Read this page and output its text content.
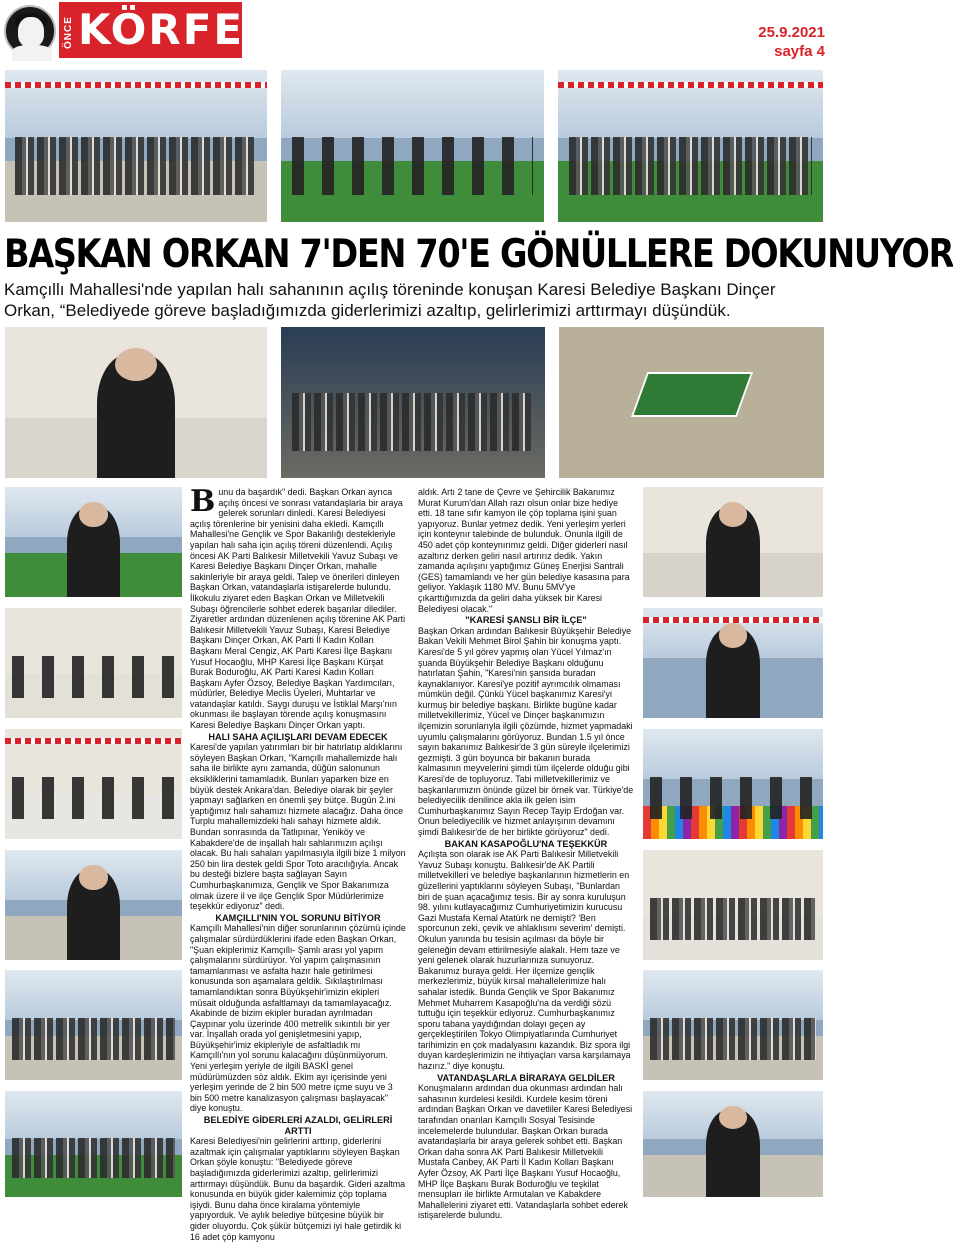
ÖNCE KÖRFEZ	25.9.2021
sayfa 4
BAŞKAN ORKAN 7'DEN 70'E GÖNÜLLERE DOKUNUYOR
Kamçıllı Mahallesi'nde yapılan halı sahanının açılış töreninde konuşan Karesi Belediye Başkanı Dinçer Orkan, “Belediyede göreve başladığımızda giderlerimizi azaltıp, gelirlerimizi arttırmayı düşündük.
B unu da başardık" dedi. Başkan Orkan ayrıca açılış öncesi ve sonrası vatandaşlarla bir araya gelerek sorunları dinledi. Karesi Belediyesi açılış törenlerine bir yenisini daha ekledi. Kamçıllı Mahallesi'ne Gençlik ve Spor Bakanlığı destekleriyle yapılan halı saha için açılış töreni düzenlendi. Açılış öncesi AK Parti Balıkesir Milletvekili Yavuz Subaşı ve Karesi Belediye Başkanı Dinçer Orkan, mahalle sakinleriyle bir araya geldi. Talep ve önerileri dinleyen Başkan Orkan, vatandaşlarla istişarelerde bulundu. İlkokulu ziyaret eden Başkan Orkan ve Milletvekili Subaşı öğrencilerle sohbet ederek başarılar dilediler. Ziyaretler ardından düzenlenen açılış törenine AK Parti Balıkesir Milletvekili Yavuz Subaşı, Karesi Belediye Başkanı Dinçer Orkan, AK Parti İl Kadın Kolları Başkanı Meral Cengiz, AK Parti Karesi İlçe Başkanı Yusuf Hocaoğlu, MHP Karesi İlçe Başkanı Kürşat Burak Boduroğlu, AK Parti Karesi Kadın Kolları Başkanı Ayfer Özsoy, Belediye Başkan Yardımcıları, müdürler, Belediye Meclis Üyeleri, Muhtarlar ve vatandaşlar katıldı. Saygı duruşu ve İstiklal Marşı'nın okunması ile başlayan törende açılış konuşmasını Karesi Belediye Başkanı Dinçer Orkan yaptı.

HALI SAHA AÇILIŞLARI DEVAM EDECEK

Karesi'de yapılan yatırımları bir bir hatırlatıp aldıklarını söyleyen Başkan Orkan, "Kamçıllı mahallemizde halı saha ile birlikte aynı zamanda, düğün salonunun eksikliklerini tamamladık. Bunları yaparken bize en büyük destek Ankara'dan. Belediye olarak bir şeyler yapmayı sağlarken en önemli şey bütçe. Bugün 2.ini yaptığımız halı sahamızı hizmete alacağız. Daha önce Turplu mahallemizdeki halı sahayı hizmete aldık. Bundan sonrasında da Tatlıpınar, Yeniköy ve Kabakdere'de de inşallah halı sahlarımızın açılışı olacak. Bu halı sahaları yapılmasıyla ilgili bize 1 milyon 250 bin lira destek geldi Spor Toto aracılığıyla. Ancak bu desteği bizlere başta sağlayan Sayın Cumhurbaşkanımıza, Gençlik ve Spor Bakanımıza olmak üzere il ve ilçe Gençlik Spor Müdürlerimize teşekkür ediyoruz" dedi.

KAMÇILLI'NIN YOL SORUNU BİTİYOR

Kamçıllı Mahallesi'nin diğer sorunlarının çözümü içinde çalışmalar sürdürdüklerini ifade eden Başkan Orkan, "Şuan ekiplerimiz Kamçıllı- Şamlı arası yol yapım çalışmalarını sürdürüyor. Yol yapım çalışmasının tamamlanması ve asfalta hazır hale getirilmesi konusunda son aşamalara geldik. Sıkılaştırılması tamamlandıktan sonra Büyükşehir'imizin ekipleri müsait olduğunda asfaltlamayı da tamamlayacağız. Akabinde de bizim ekipler buradan ayrılmadan Çaypınar yolu üzerinde 400 metrelik sıkıntılı bir yer var. İnşallah orada yol genişletmesini yapıp, Büyükşehir'imiz ekipleriyle de asfaltladık mı Kamçıllı'nın yol sorunu kalacağını düşünmüyorum. Yeni yerleşim yeriyle de ilgili BASKİ genel müdürümüzden söz aldık. Ekim ayı içerisinde yeni yerleşim yerinde de 2 bin 500 metre içme suyu ve 3 bin 500 metre kanalizasyon çalışması başlayacak" diye konuştu.

BELEDİYE GİDERLERİ AZALDI, GELİRLERİ ARTTI

Karesi Belediyesi'nin gelirlerini arttırıp, giderlerini azaltmak için çalışmalar yaptıklarını söyleyen Başkan Orkan şöyle konuştu: "Belediyede göreve başladığımızda giderlerimizi azaltıp, gelirlerimizi arttırmayı düşündük. Bunu da başardık. Gideri azaltma konusunda en büyük gider kalemimiz çöp toplama işiydi. Bunu daha önce kiralama yöntemiyle yapıyorduk. Ve aylık belediye bütçesine büyük bir gider oluyordu. Çok şükür bütçemizi iyi hale getirdik ki 16 adet çöp kamyonu

aldık. Artı 2 tane de Çevre ve Şehircilik Bakanımız Murat Kurum'dan Allah razı olsun onlar bize hediye etti. 18 tane sıfır kamyon ile çöp toplama işini şuan yapıyoruz. Bunlar yetmez dedik. Yeni yerleşim yerleri için konteynır talebinde de bulunduk. Onunla ilgili de 450 adet çöp konteynırımız geldi. Diğer giderleri nasıl azaltırız derken geliri nasıl artırırız dedik. Yakın zamanda açılışını yaptığımız Güneş Enerjisi Santrali (GES) tamamlandı ve her gün belediye kasasına para geliyor. Yaklaşık 1180 MV. Bunu 5MV'ye çıkarttığımızda da geliri daha yüksek bir Karesi Belediyesi olacak."

"KARESİ ŞANSLI BİR İLÇE"

Başkan Orkan ardından Balıkesir Büyükşehir Belediye Bakan Vekili Mehmet Birol Şahin bir konuşma yaptı. Karesi'de 5 yıl görev yapmış olan Yücel Yılmaz'ın şuanda Büyükşehir Belediye Başkanı olduğunu hatırlatan Şahin, "Karesi'nin şansıda buradan kaynaklanıyor. Karesi'ye pozitif ayrımcılık olmaması mümkün değil. Çünkü Yücel başkanımız Karesi'yi kurmuş bir belediye başkanı. Birlikte bugüne kadar milletvekillerimiz, Yücel ve Dinçer başkanımızın ilçemizin sorunlarıyla ilgili çözümde, hizmet yapmadaki uyumlu çalışmalarını görüyoruz. Bundan 1.5 yıl önce sayın bakanımız Balıkesir'de 3 gün süreyle ilçelerimizi gezmişti. 3 gün boyunca bir bakanın burada kalmasının meyvelerini şimdi tüm ilçelerde olduğu gibi Karesi'de de topluyoruz. Tabi milletvekillerimiz ve başkanlarımızın önünde güzel bir örnek var. Türkiye'de belediyecilik denilince akla ilk gelen isim Cumhurbaşkanımız Sayın Recep Tayip Erdoğan var. Onun belediyecilik ve hizmet anlayışının devamını şimdi Balıkesir'de de her birlikte görüyoruz" dedi.

BAKAN KASAPOĞLU'NA TEŞEKKÜR

Açılışta son olarak ise AK Parti Balıkesir Milletvekili Yavuz Subaşı konuştu. Balıkesir'de AK Partili milletvekilleri ve belediye başkanlarının hizmetlerin en güzellerini yaptıklarını söyleyen Subaşı, "Bunlardan biri de şuan açacağımız tesis. Bir ay sonra kuruluşun 98. yılını kutlayacağımız Cumhuriyetimizin kurucusu Gazi Mustafa Kemal Atatürk ne demişti? 'Ben sporcunun zeki, çevik ve ahlaklısını severim' demişti. Okulun yanında bu tesisin açılması da böyle bir geleneğin devam ettirilmesiyle alakalı. Hem taze ve yeni gelenek olarak huzurlarınıza sunuyoruz. Bakanımız buraya geldi. Her ilçemize gençlik merkezlerimiz, büyük kırsal mahallelerimize halı sahalar istedik. Bunda Gençlik ve Spor Bakanımız Mehmet Muharrem Kasapoğlu'na da verdiği sözü tuttuğu için teşekkür ediyoruz. Cumhurbaşkanımız sporu tabana yaydığından dolayı geçen ay gerçekleştirilen Tokyo Olimpiyatlarında Cumhuriyet tarihimizin en çok madalyasını kazandık. Biz spora ilgi duyan kardeşlerimizin ne ihtiyaçları varsa karşılamaya hazırız." diye konuştu.

VATANDAŞLARLA BİRARAYA GELDİLER

Konuşmaların ardından dua okunması ardından halı sahasının kurdelesi kesildi. Kurdele kesim töreni ardından Başkan Orkan ve davetliler Karesi Belediyesi tarafından onarılan Kamçıllı Sosyal Tesisinde incelemelerde bulundular. Başkan Orkan burada avatandaşlarla bir araya gelerek sohbet etti. Başkan Orkan daha sonra AK Parti Balıkesir Milletvekili Mustafa Canbey, AK Parti İl Kadın Kolları Başkanı Ayfer Özsoy, AK Parti İlçe Başkanı Yusuf Hocaoğlu, MHP İlçe Başkanı Burak Boduroğlu ve teşkilat mensupları ile birlikte Armutalan ve Kabakdere Mahallelerini ziyaret etti. Vatandaşlarla sohbet ederek istişarelerde bulundu.
